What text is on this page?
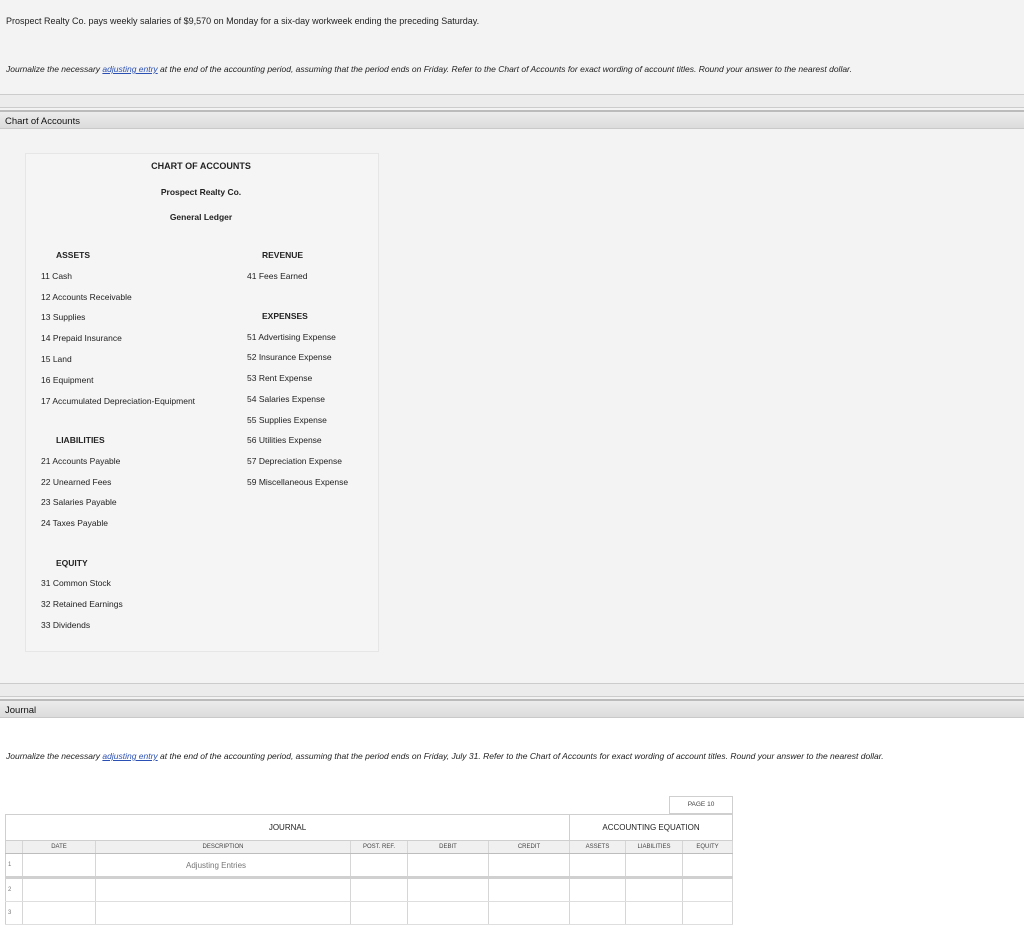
Prospect Realty Co. pays weekly salaries of $9,570 on Monday for a six-day workweek ending the preceding Saturday.
Journalize the necessary adjusting entry at the end of the accounting period, assuming that the period ends on Friday. Refer to the Chart of Accounts for exact wording of account titles. Round your answer to the nearest dollar.
Chart of Accounts
CHART OF ACCOUNTS
Prospect Realty Co.
General Ledger
ASSETS
11 Cash
12 Accounts Receivable
13 Supplies
14 Prepaid Insurance
15 Land
16 Equipment
17 Accumulated Depreciation-Equipment
LIABILITIES
21 Accounts Payable
22 Unearned Fees
23 Salaries Payable
24 Taxes Payable
EQUITY
31 Common Stock
32 Retained Earnings
33 Dividends
REVENUE
41 Fees Earned
EXPENSES
51 Advertising Expense
52 Insurance Expense
53 Rent Expense
54 Salaries Expense
55 Supplies Expense
56 Utilities Expense
57 Depreciation Expense
59 Miscellaneous Expense
Journal
Journalize the necessary adjusting entry at the end of the accounting period, assuming that the period ends on Friday, July 31. Refer to the Chart of Accounts for exact wording of account titles. Round your answer to the nearest dollar.
PAGE 10
JOURNAL						ACCOUNTING EQUATION		
	DATE	DESCRIPTION	POST. REF.	DEBIT	CREDIT	ASSETS	LIABILITIES	EQUITY
1		Adjusting Entries						
2								
3								
